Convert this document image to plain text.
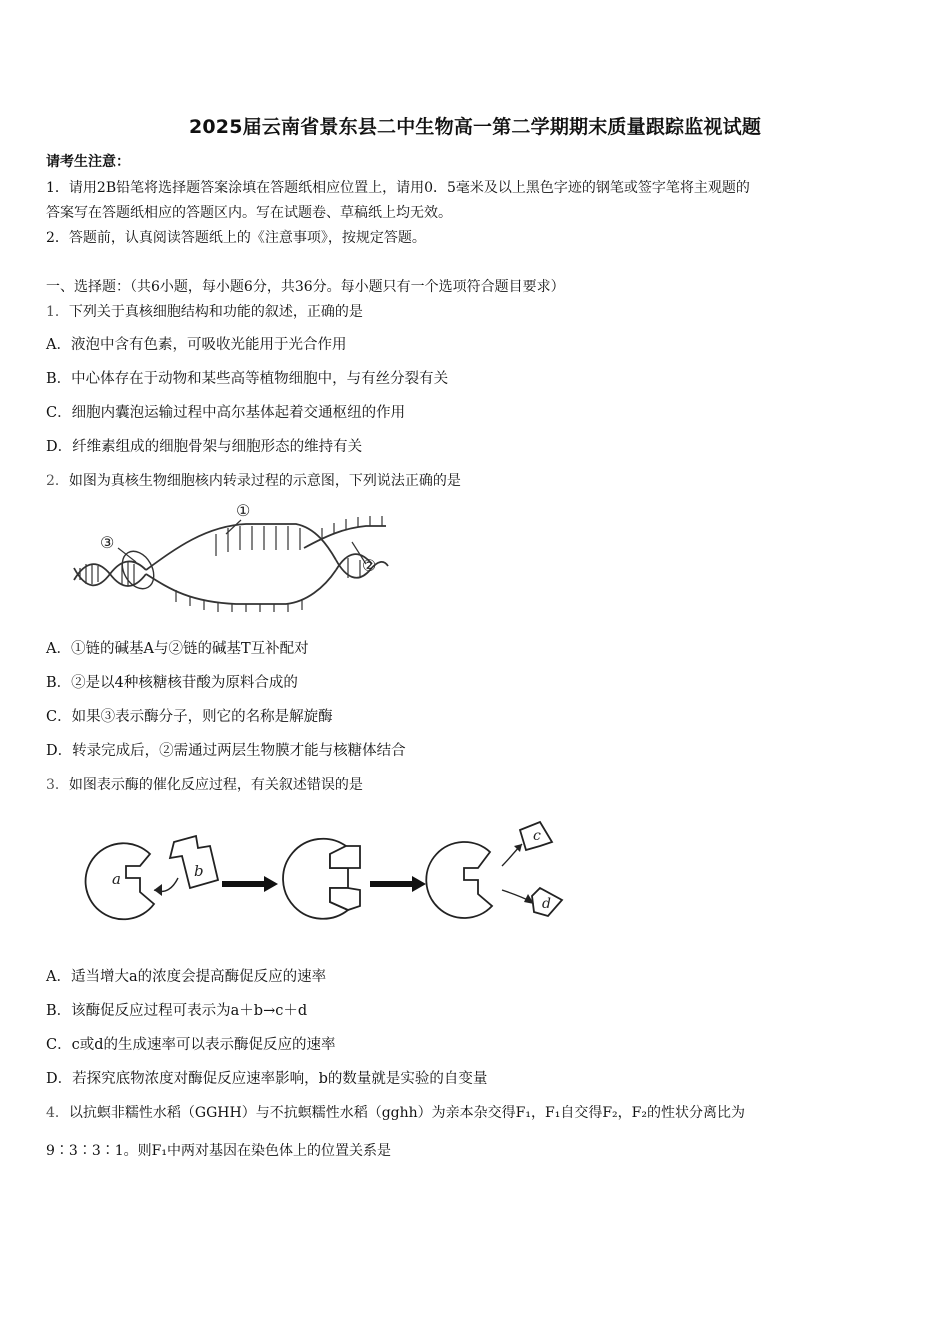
2025届云南省景东县二中生物高一第二学期期末质量跟踪监视试题
请考生注意：
1．请用2B铅笔将选择题答案涂填在答题纸相应位置上，请用0．5毫米及以上黑色字迹的钢笔或签字笔将主观题的
答案写在答题纸相应的答题区内。写在试题卷、草稿纸上均无效。
2．答题前，认真阅读答题纸上的《注意事项》，按规定答题。
一、选择题：（共6小题，每小题6分，共36分。每小题只有一个选项符合题目要求）
1．下列关于真核细胞结构和功能的叙述，正确的是
A．液泡中含有色素，可吸收光能用于光合作用
B．中心体存在于动物和某些高等植物细胞中，与有丝分裂有关
C．细胞内囊泡运输过程中高尔基体起着交通枢纽的作用
D．纤维素组成的细胞骨架与细胞形态的维持有关
2．如图为真核生物细胞核内转录过程的示意图，下列说法正确的是
①
②
③
A．①链的碱基A与②链的碱基T互补配对
B．②是以4种核糖核苷酸为原料合成的
C．如果③表示酶分子，则它的名称是解旋酶
D．转录完成后，②需通过两层生物膜才能与核糖体结合
3．如图表示酶的催化反应过程，有关叙述错误的是
a	b
c
d
A．适当增大a的浓度会提高酶促反应的速率
B．该酶促反应过程可表示为a＋b→c＋d
C．c或d的生成速率可以表示酶促反应的速率
D．若探究底物浓度对酶促反应速率影响，b的数量就是实验的自变量
4．以抗螟非糯性水稻（GGHH）与不抗螟糯性水稻（gghh）为亲本杂交得F₁，F₁自交得F₂，F₂的性状分离比为
9∶3∶3∶1。则F₁中两对基因在染色体上的位置关系是
